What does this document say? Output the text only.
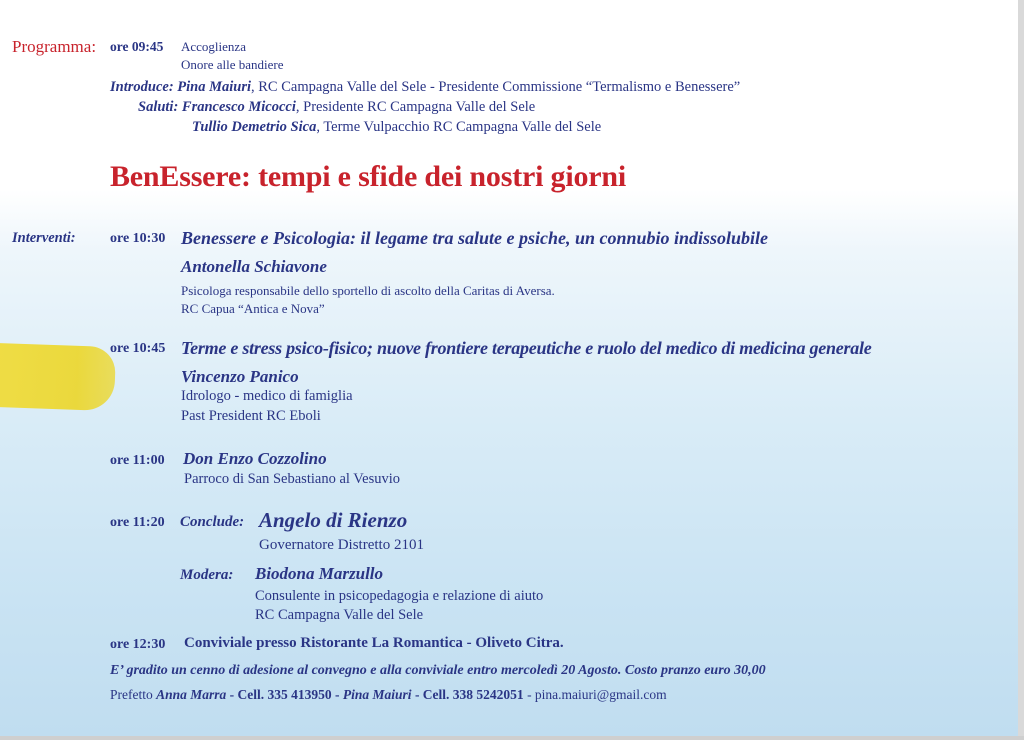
Programma: ore 09:45 Accoglienza
Onore alle bandiere
Introduce: Pina Maiuri, RC Campagna Valle del Sele - Presidente Commissione “Termalismo e Benessere”
Saluti: Francesco Micocci, Presidente RC Campagna Valle del Sele
Tullio Demetrio Sica, Terme Vulpacchio RC Campagna Valle del Sele
BenEssere: tempi e sfide dei nostri giorni
Interventi: ore 10:30 Benessere e Psicologia: il legame tra salute e psiche, un connubio indissolubile
Antonella Schiavone
Psicologa responsabile dello sportello di ascolto della Caritas di Aversa.
RC Capua “Antica e Nova”
ore 10:45 Terme e stress psico-fisico; nuove frontiere terapeutiche e ruolo del medico di medicina generale
Vincenzo Panico
Idrologo - medico di famiglia
Past President RC Eboli
ore 11:00 Don Enzo Cozzolino
Parroco di San Sebastiano al Vesuvio
ore 11:20 Conclude: Angelo di Rienzo
Governatore Distretto 2101
Modera: Biodona Marzullo
Consulente in psicopedagogia e relazione di aiuto
RC Campagna Valle del Sele
ore 12:30 Conviviale presso Ristorante La Romantica - Oliveto Citra.
E’ gradito un cenno di adesione al convegno e alla conviviale entro mercoledì 20 Agosto. Costo pranzo euro 30,00
Prefetto Anna Marra - Cell. 335 413950 - Pina Maiuri - Cell. 338 5242051 - pina.maiuri@gmail.com
